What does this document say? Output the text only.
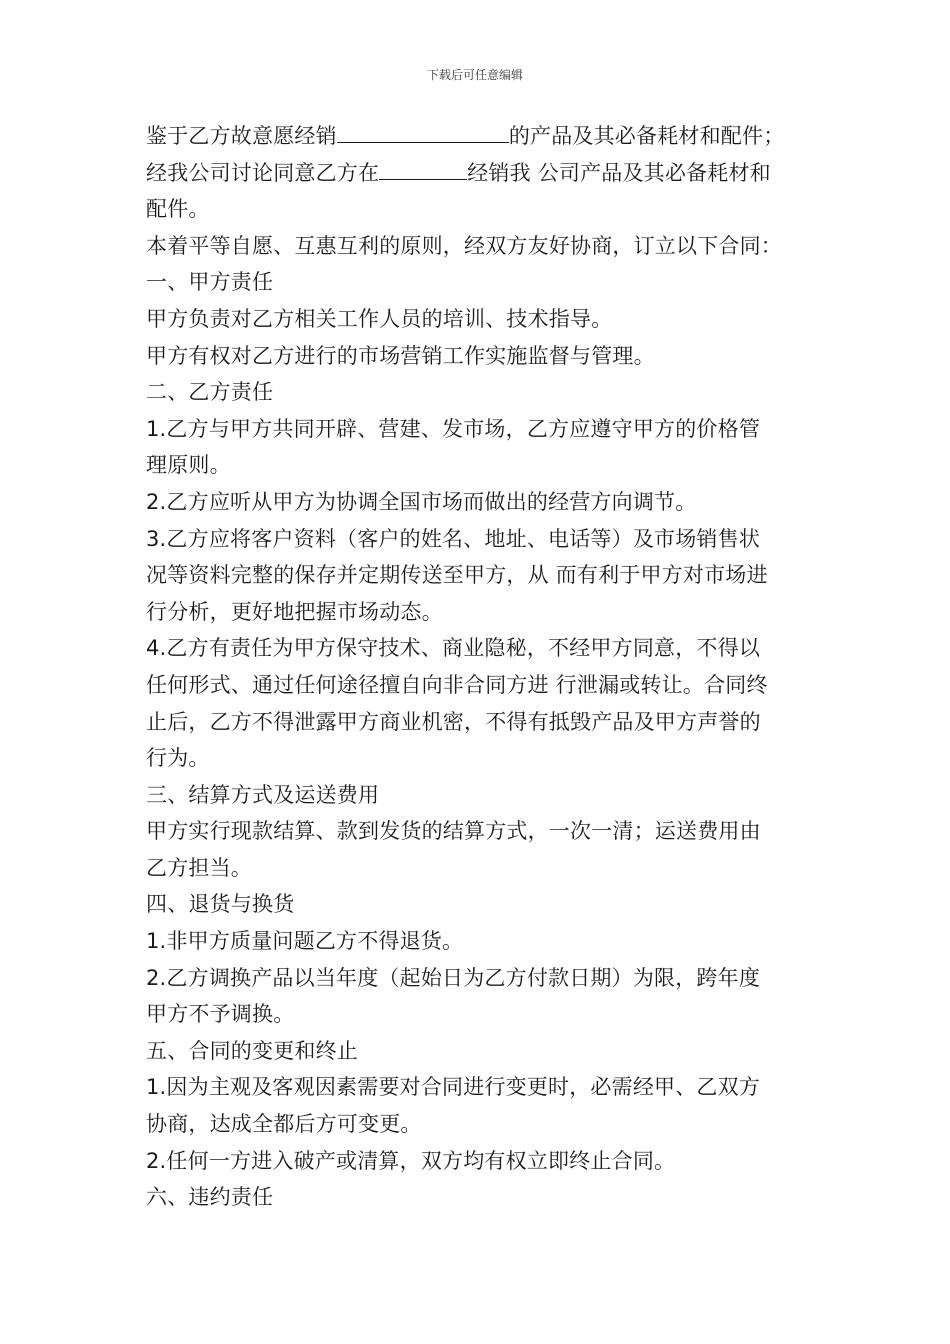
下载后可任意编辑
鉴于乙方故意愿经销	的产品及其必备耗材和配件；
经我公司讨论同意乙方在	经销我 公司产品及其必备耗材和
配件。
本着平等自愿、互惠互利的原则，经双方友好协商，订立以下合同：
一、甲方责任
甲方负责对乙方相关工作人员的培训、技术指导。
甲方有权对乙方进行的市场营销工作实施监督与管理。
二、乙方责任
1.乙方与甲方共同开辟、营建、发市场，乙方应遵守甲方的价格管
理原则。
2.乙方应听从甲方为协调全国市场而做出的经营方向调节。
3.乙方应将客户资料（客户的姓名、地址、电话等）及市场销售状
况等资料完整的保存并定期传送至甲方，从 而有利于甲方对市场进
行分析，更好地把握市场动态。
4.乙方有责任为甲方保守技术、商业隐秘，不经甲方同意，不得以
任何形式、通过任何途径擅自向非合同方进 行泄漏或转让。合同终
止后，乙方不得泄露甲方商业机密，不得有抵毁产品及甲方声誉的
行为。
三、结算方式及运送费用
甲方实行现款结算、款到发货的结算方式，一次一清；运送费用由
乙方担当。
四、退货与换货
1.非甲方质量问题乙方不得退货。
2.乙方调换产品以当年度（起始日为乙方付款日期）为限，跨年度
甲方不予调换。
五、合同的变更和终止
1.因为主观及客观因素需要对合同进行变更时，必需经甲、乙双方
协商，达成全都后方可变更。
2.任何一方进入破产或清算，双方均有权立即终止合同。
六、违约责任
